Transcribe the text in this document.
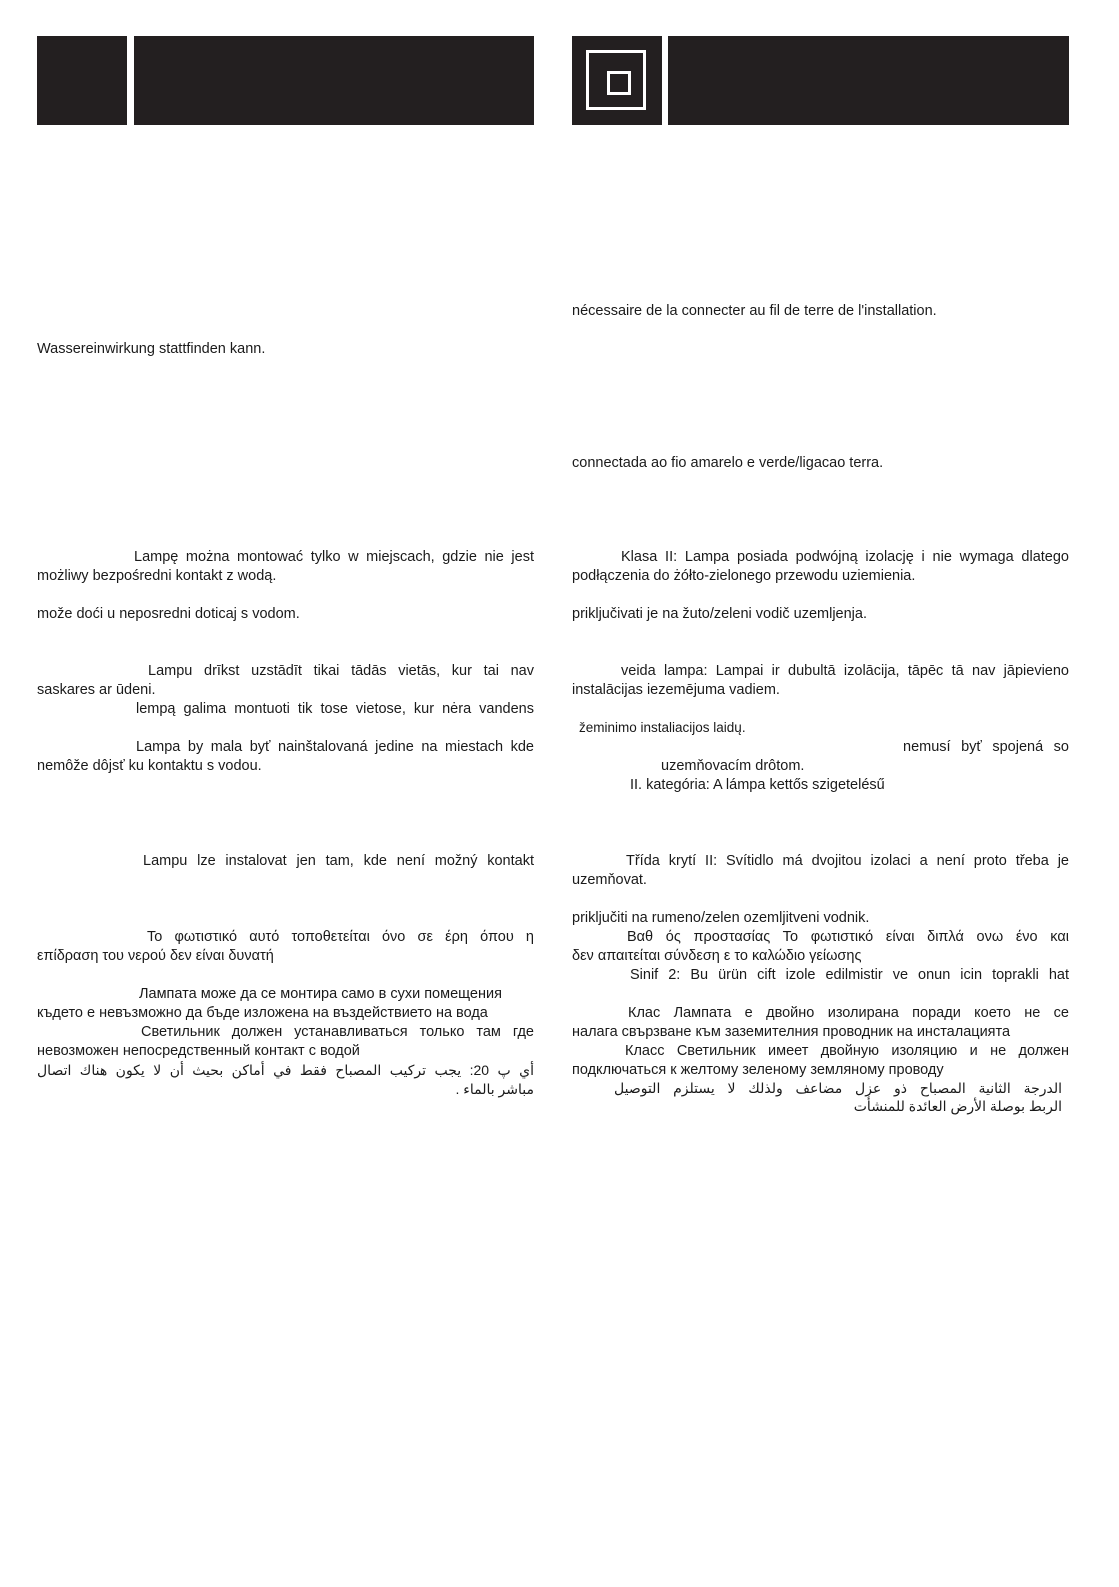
Wassereinwirkung stattfinden kann.
Lampę można montować tylko w miejscach, gdzie nie jest
możliwy bezpośredni kontakt z wodą.
može doći u neposredni doticaj s vodom.
Lampu drīkst uzstādīt tikai tādās vietās, kur tai nav
saskares ar ūdeni.
lempą galima montuoti tik tose vietose, kur nėra vandens
Lampa by mala byť nainštalovaná jedine na miestach kde
nemôže dôjsť ku kontaktu s vodou.
Lampu lze instalovat jen tam, kde není možný kontakt
Το φωτιστικό αυτό τοποθετείται όνο σε έρη όπου η
επίδραση του νερού δεν είναι δυνατή
Лампата може да се монтира само в сухи помещения
където е невъзможно да бъде изложена на въздействието на вода
Светильник должен устанавливаться только там где
невозможен непосредственный контакт с водой
أي پ 20: يجب تركيب المصباح فقط في أماكن بحيث أن لا يكون هناك اتصال
مباشر بالماء .
nécessaire de la connecter au fil de terre de l'installation.
connectada ao fio amarelo e verde/ligacao terra.
Klasa II: Lampa posiada podwójną izolację i nie wymaga dlatego
podłączenia do żółto-zielonego przewodu uziemienia.
priključivati je na žuto/zeleni vodič uzemljenja.
veida lampa: Lampai ir dubultā izolācija, tāpēc tā nav jāpievieno
instalācijas iezemējuma vadiem.
žeminimo instaliacijos laidų.
nemusí byť spojená so
uzemňovacím drôtom.
II. kategória: A lámpa kettős szigetelésű
Třída krytí II: Svítidlo má dvojitou izolaci a není proto třeba je
uzemňovat.
priključiti na rumeno/zelen ozemljitveni vodnik.
Βαθ ός προστασίας Το φωτιστικό είναι διπλά ονω ένο και
δεν απαιτείται σύνδεση ε το καλώδιο γείωσης
Sinif 2: Bu ürün cift izole edilmistir ve onun icin toprakli hat
Клас Лампата е двойно изолирана поради което не се
налага свързване към заземителния проводник на инсталацията
Класс Светильник имеет двойную изоляцию и не должен
подключаться к желтому зеленому земляному проводу
الدرجة الثانية المصباح ذو عزل مضاعف ولذلك لا يستلزم التوصيل
الربط بوصلة الأرض العائدة للمنشأت
